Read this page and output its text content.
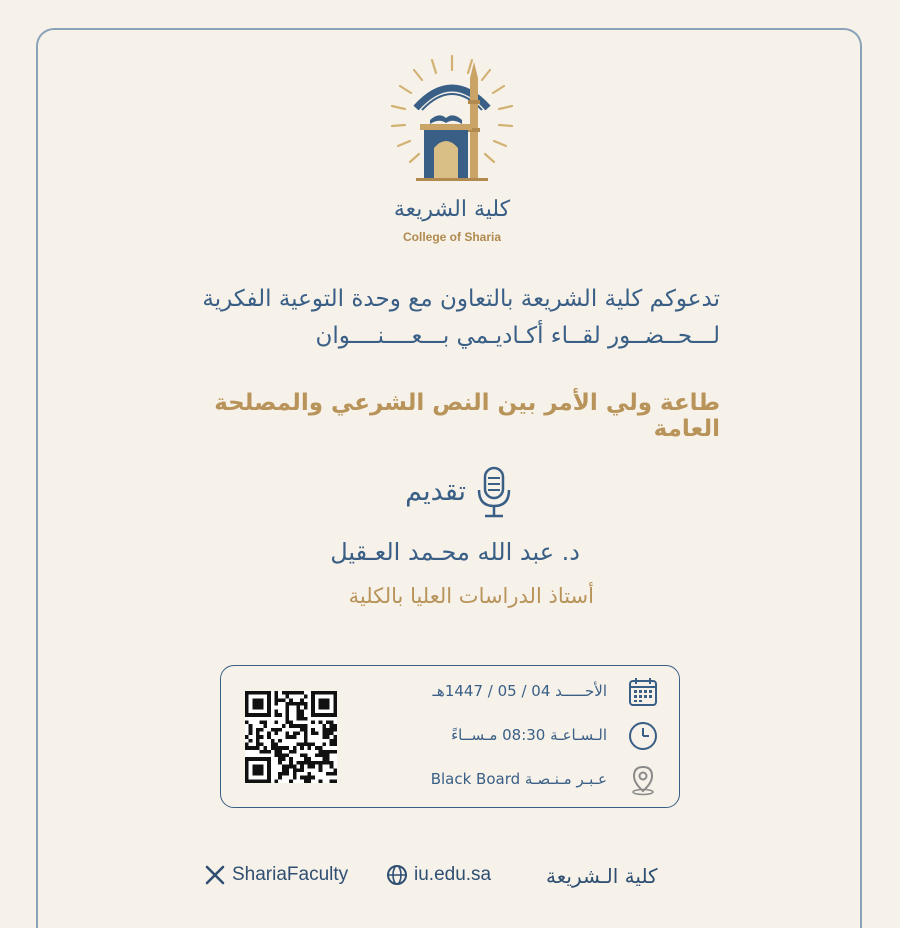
كلية الشريعة
College of Sharia
تدعوكم كلية الشريعة بالتعاون مع وحدة التوعية الفكرية
لـــحــضــور لقــاء أكـاديـمي بـــعــــنــــوان
طاعة ولي الأمر بين النص الشرعي والمصلحة العامة
تقديم
د. عبد الله محـمد العـقيل
أستاذ الدراسات العليا بالكلية
الأحـــــد 04 / 05 / 1447هـ
الـسـاعـة 08:30 مـســاءً
عـبـر مـنـصـة Black Board
ShariaFaculty	iu.edu.sa	كلية الـشريعة
